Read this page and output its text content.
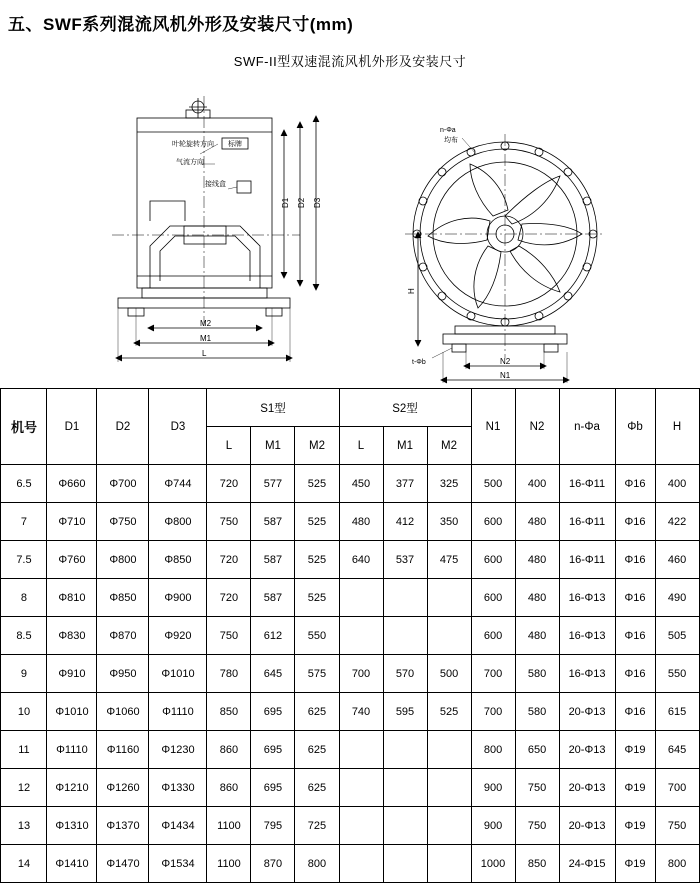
五、SWF系列混流风机外形及安装尺寸(mm)
SWF-II型双速混流风机外形及安装尺寸
叶轮旋转方向
气流方向
标牌
接线盒
n-Φa
均布
t-Φb
D1 D2 D3
M2
M1
L
H
N2
N1
机号	D1	D2	D3	S1型			S2型			N1	N2	n-Φa	Φb	H
				L	M1	M2	L	M1	M2					
6.5	Φ660	Φ700	Φ744	720	577	525	450	377	325	500	400	16-Φ11	Φ16	400
7	Φ710	Φ750	Φ800	750	587	525	480	412	350	600	480	16-Φ11	Φ16	422
7.5	Φ760	Φ800	Φ850	720	587	525	640	537	475	600	480	16-Φ11	Φ16	460
8	Φ810	Φ850	Φ900	720	587	525				600	480	16-Φ13	Φ16	490
8.5	Φ830	Φ870	Φ920	750	612	550				600	480	16-Φ13	Φ16	505
9	Φ910	Φ950	Φ1010	780	645	575	700	570	500	700	580	16-Φ13	Φ16	550
10	Φ1010	Φ1060	Φ1110	850	695	625	740	595	525	700	580	20-Φ13	Φ16	615
11	Φ1110	Φ1160	Φ1230	860	695	625				800	650	20-Φ13	Φ19	645
12	Φ1210	Φ1260	Φ1330	860	695	625				900	750	20-Φ13	Φ19	700
13	Φ1310	Φ1370	Φ1434	1100	795	725				900	750	20-Φ13	Φ19	750
14	Φ1410	Φ1470	Φ1534	1100	870	800				1000	850	24-Φ15	Φ19	800
